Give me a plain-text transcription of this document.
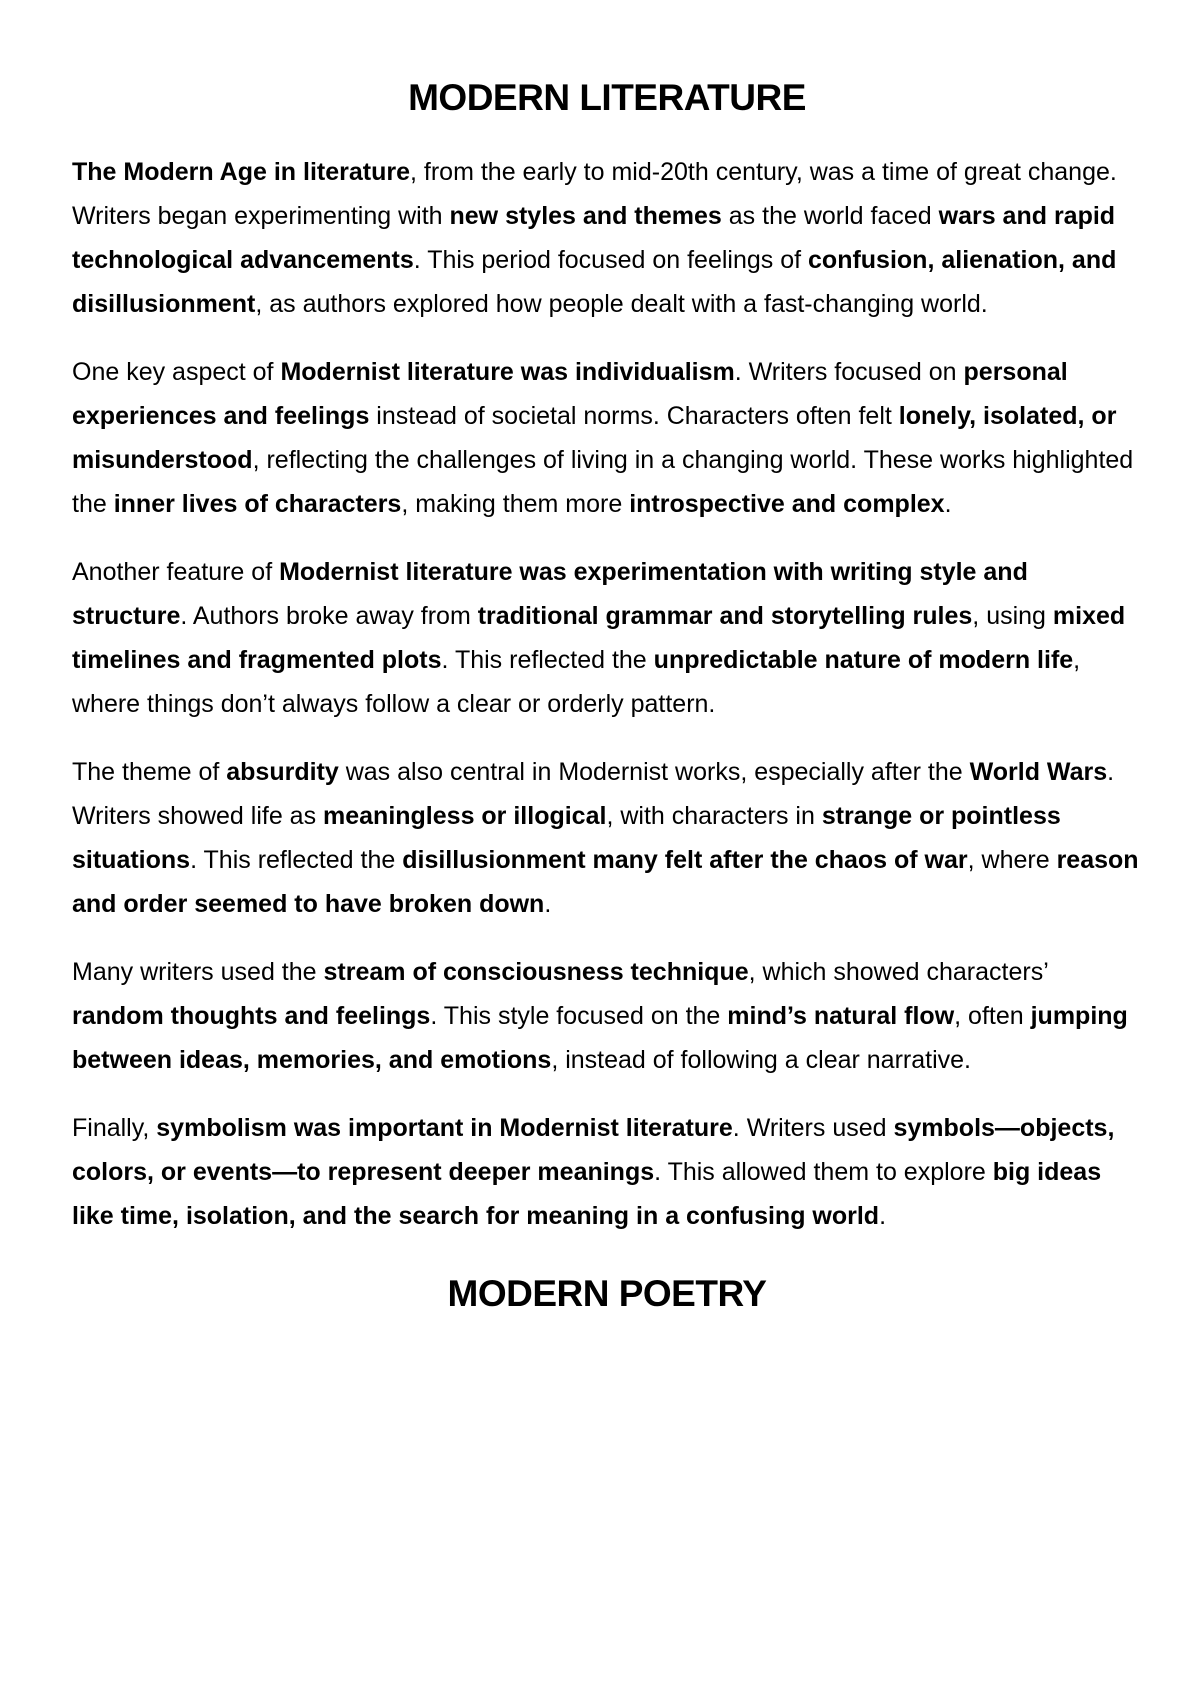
MODERN LITERATURE

The Modern Age in literature, from the early to mid-20th century, was a time of great change. Writers began experimenting with new styles and themes as the world faced wars and rapid technological advancements. This period focused on feelings of confusion, alienation, and disillusionment, as authors explored how people dealt with a fast-changing world.

One key aspect of Modernist literature was individualism. Writers focused on personal experiences and feelings instead of societal norms. Characters often felt lonely, isolated, or misunderstood, reflecting the challenges of living in a changing world. These works highlighted the inner lives of characters, making them more introspective and complex.

Another feature of Modernist literature was experimentation with writing style and structure. Authors broke away from traditional grammar and storytelling rules, using mixed timelines and fragmented plots. This reflected the unpredictable nature of modern life, where things don’t always follow a clear or orderly pattern.

The theme of absurdity was also central in Modernist works, especially after the World Wars. Writers showed life as meaningless or illogical, with characters in strange or pointless situations. This reflected the disillusionment many felt after the chaos of war, where reason and order seemed to have broken down.

Many writers used the stream of consciousness technique, which showed characters’ random thoughts and feelings. This style focused on the mind’s natural flow, often jumping between ideas, memories, and emotions, instead of following a clear narrative.

Finally, symbolism was important in Modernist literature. Writers used symbols—objects, colors, or events—to represent deeper meanings. This allowed them to explore big ideas like time, isolation, and the search for meaning in a confusing world.

MODERN POETRY
